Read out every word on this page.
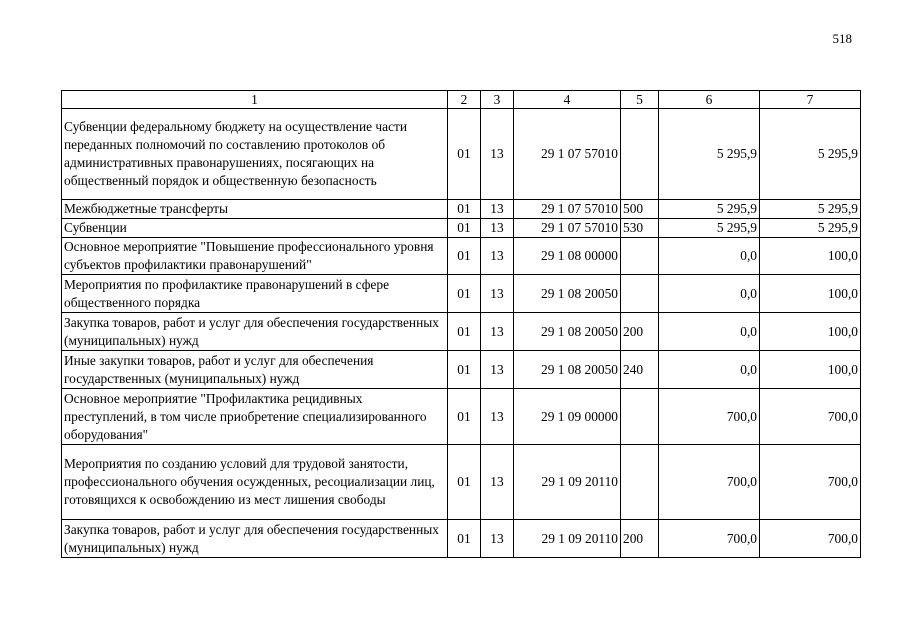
518
1	2	3	4	5	6	7
Субвенции федеральному бюджету на осуществление части переданных полномочий по составлению протоколов об административных правонарушениях, посягающих на общественный порядок и общественную безопасность	01	13	29 1 07 57010		5 295,9	5 295,9
Межбюджетные трансферты	01	13	29 1 07 57010	500	5 295,9	5 295,9
Субвенции	01	13	29 1 07 57010	530	5 295,9	5 295,9
Основное мероприятие "Повышение профессионального уровня субъектов профилактики правонарушений"	01	13	29 1 08 00000		0,0	100,0
Мероприятия по профилактике правонарушений в сфере общественного порядка	01	13	29 1 08 20050		0,0	100,0
Закупка товаров, работ и услуг для обеспечения государственных (муниципальных) нужд	01	13	29 1 08 20050	200	0,0	100,0
Иные закупки товаров, работ и услуг для обеспечения государственных (муниципальных) нужд	01	13	29 1 08 20050	240	0,0	100,0
Основное мероприятие "Профилактика рецидивных преступлений, в том числе приобретение специализированного оборудования"	01	13	29 1 09 00000		700,0	700,0
Мероприятия по созданию условий для трудовой занятости, профессионального обучения осужденных, ресоциализации лиц, готовящихся к освобождению из мест лишения свободы	01	13	29 1 09 20110		700,0	700,0
Закупка товаров, работ и услуг для обеспечения государственных (муниципальных) нужд	01	13	29 1 09 20110	200	700,0	700,0
